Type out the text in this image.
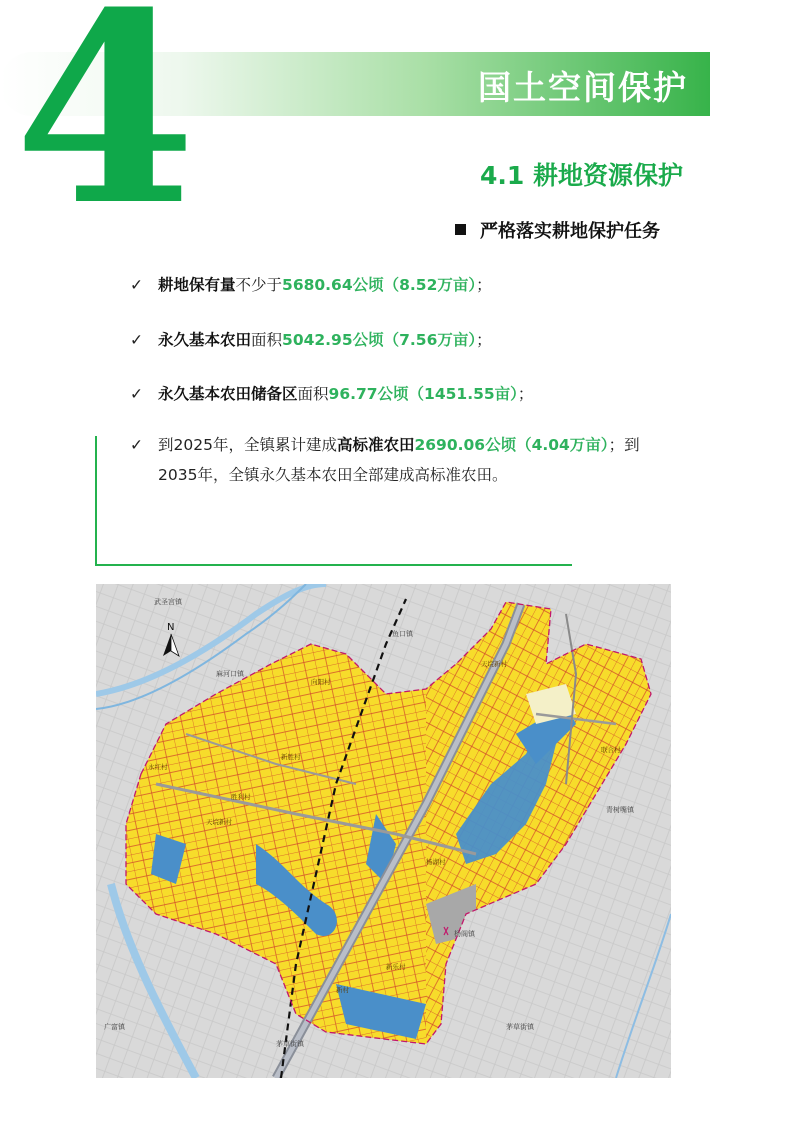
国土空间保护
4	4.1 耕地资源保护
严格落实耕地保护任务
✓ 耕地保有量不少于5680.64公顷（8.52万亩）；
✓ 永久基本农田面积5042.95公顷（7.56万亩）；
✓ 永久基本农田储备区面积96.77公顷（1451.55亩）；
✓ 到2025年，全镇累计建成高标准农田2690.06公顷（4.04万亩）；到
2035年，全镇永久基本农田全部建成高标准农田。
N
武圣宫镇
鱼口镇
麻河口镇
青树嘴镇
广富镇
茅草街镇
茅草街镇
杨阁镇
天垸新村
向阳村
永红村
新胜村
胜利村
联合村
天垸新村
杨湖村
新乐村
新村
